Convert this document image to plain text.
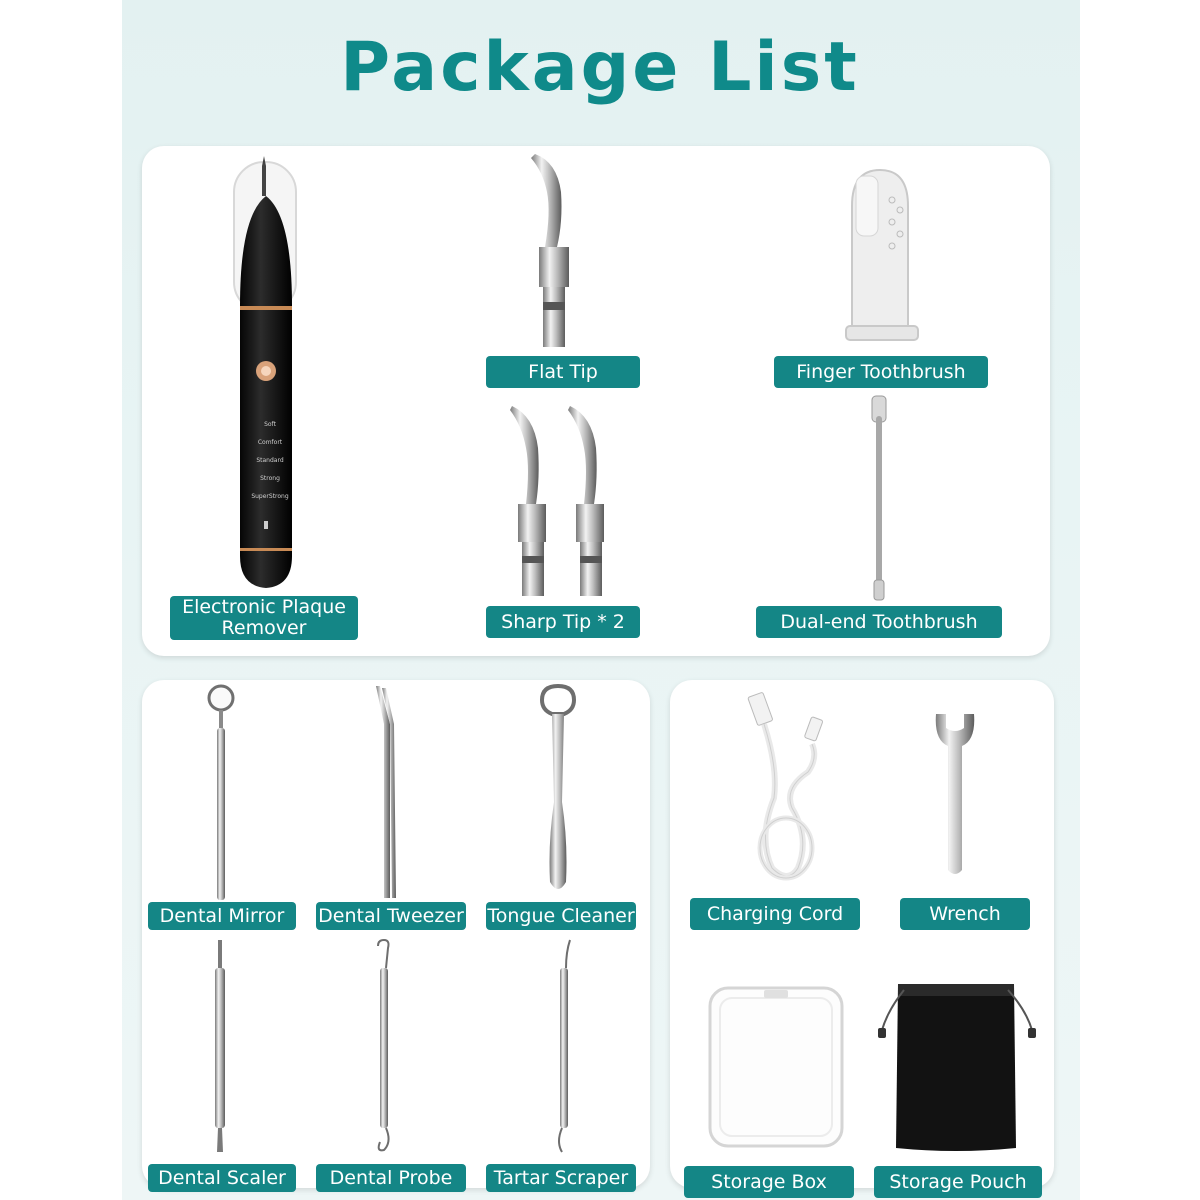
Package List
Soft
Comfort
Standard
Strong
SuperStrong
Electronic Plaque Remover
Flat Tip	Finger Toothbrush
Sharp Tip * 2	Dual-end Toothbrush
Dental Mirror	Dental Tweezer Tongue Cleaner
Dental Scaler	Dental Probe	Tartar Scraper
Charging Cord	Wrench
Storage Box	Storage Pouch
